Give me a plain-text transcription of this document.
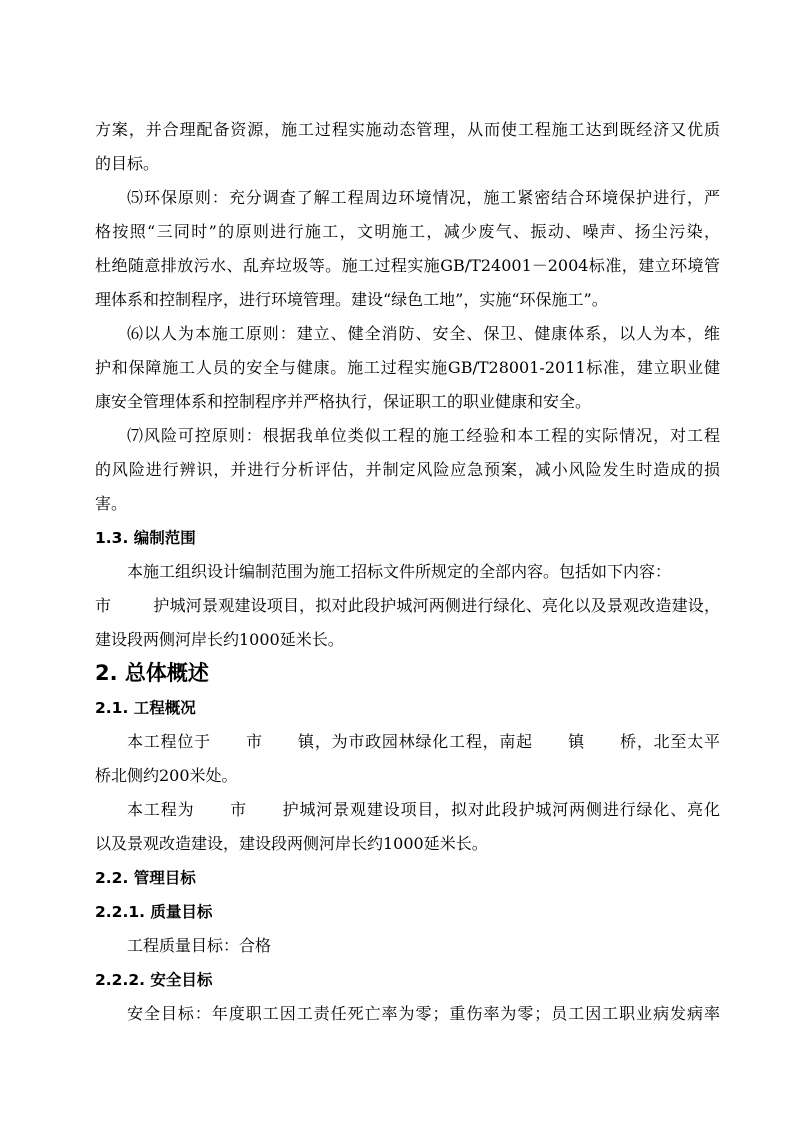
方案，并合理配备资源，施工过程实施动态管理，从而使工程施工达到既经济又优质
的目标。
⑸环保原则：充分调查了解工程周边环境情况，施工紧密结合环境保护进行，严
格按照“三同时”的原则进行施工，文明施工，减少废气、振动、噪声、扬尘污染，
杜绝随意排放污水、乱弃垃圾等。施工过程实施GB/T24001－2004标准，建立环境管
理体系和控制程序，进行环境管理。建设“绿色工地”，实施“环保施工”。
⑹以人为本施工原则：建立、健全消防、安全、保卫、健康体系，以人为本，维
护和保障施工人员的安全与健康。施工过程实施GB/T28001-2011标准，建立职业健
康安全管理体系和控制程序并严格执行，保证职工的职业健康和安全。
⑺风险可控原则：根据我单位类似工程的施工经验和本工程的实际情况，对工程
的风险进行辨识，并进行分析评估，并制定风险应急预案，减小风险发生时造成的损
害。
1.3. 编制范围
本施工组织设计编制范围为施工招标文件所规定的全部内容。包括如下内容：
市        护城河景观建设项目，拟对此段护城河两侧进行绿化、亮化以及景观改造建设，
建设段两侧河岸长约1000延米长。
2. 总体概述
2.1. 工程概况
本工程位于      市      镇，为市政园林绿化工程，南起      镇      桥，北至太平
桥北侧约200米处。
本工程为      市      护城河景观建设项目，拟对此段护城河两侧进行绿化、亮化
以及景观改造建设，建设段两侧河岸长约1000延米长。
2.2. 管理目标
2.2.1. 质量目标
工程质量目标：合格
2.2.2. 安全目标
安全目标：年度职工因工责任死亡率为零；重伤率为零；员工因工职业病发病率
